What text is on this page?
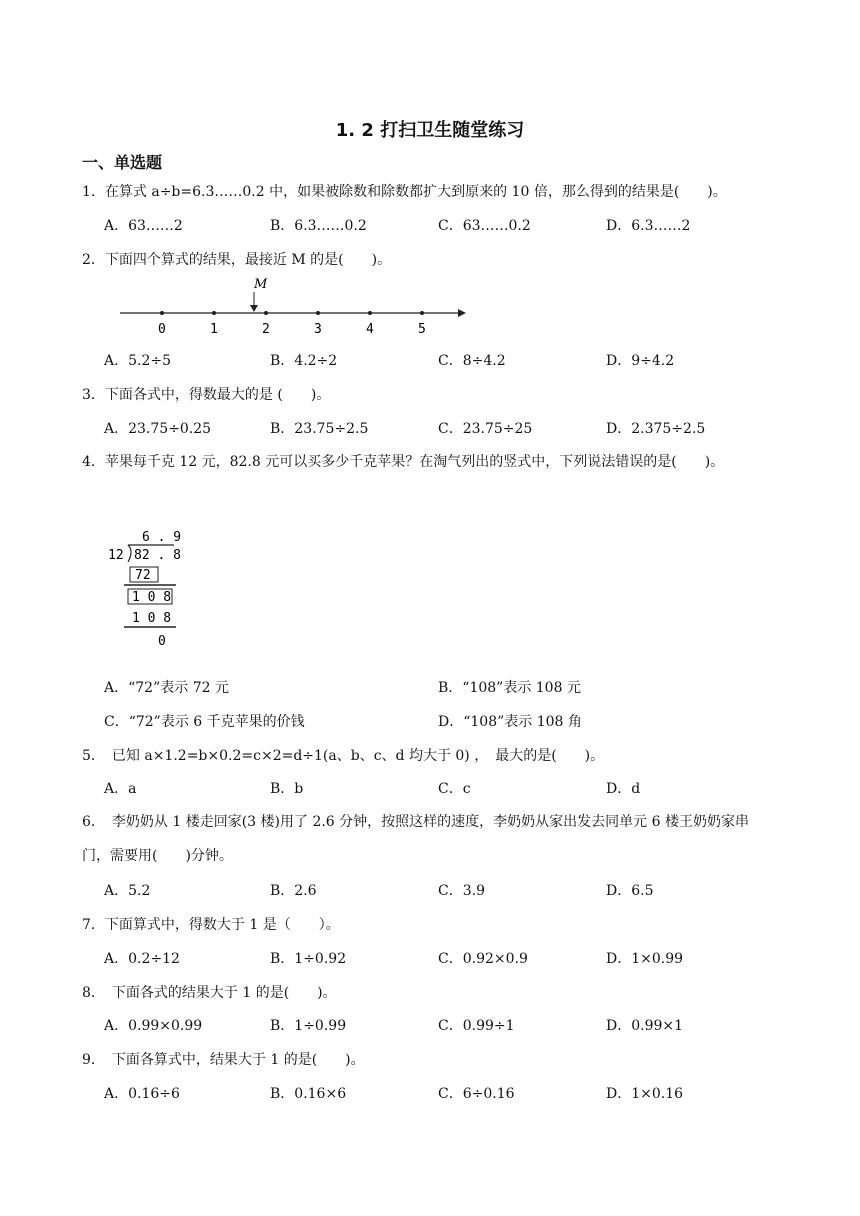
1. 2 打扫卫生随堂练习
一、单选题
1．在算式 a÷b=6.3……0.2 中，如果被除数和除数都扩大到原来的 10 倍，那么得到的结果是(　　)。
A．63……2	B．6.3……0.2	C．63……0.2	D．6.3……2
2．下面四个算式的结果，最接近 M 的是(　　)。
M
0	1	2	3	4	5
A．5.2÷5	B．4.2÷2	C．8÷4.2	D．9÷4.2
3．下面各式中，得数最大的是 (　　)。
A．23.75÷0.25	B．23.75÷2.5	C．23.75÷25	D．2.375÷2.5
4．苹果每千克 12 元，82.8 元可以买多少千克苹果？在淘气列出的竖式中，下列说法错误的是(　　)。
6 . 9
12 82 . 8
72
1 0 8
1 0 8
0
A．“72”表示 72 元	B．“108”表示 108 元
C．“72”表示 6 千克苹果的价钱	D．“108”表示 108 角
5．　已知 a×1.2=b×0.2=c×2=d÷1(a、b、c、d 均大于 0) ，　最大的是(　　)。
A．a	B．b	C．c	D．d
6．　李奶奶从 1 楼走回家(3 楼)用了 2.6 分钟，按照这样的速度，李奶奶从家出发去同单元 6 楼王奶奶家串门，需要用(　　)分钟。
A．5.2	B．2.6	C．3.9	D．6.5
7．下面算式中，得数大于 1 是（　　）。
A．0.2÷12	B．1÷0.92	C．0.92×0.9	D．1×0.99
8．　下面各式的结果大于 1 的是(　　)。
A．0.99×0.99	B．1÷0.99	C．0.99÷1	D．0.99×1
9．　下面各算式中，结果大于 1 的是(　　)。
A．0.16÷6	B．0.16×6	C．6÷0.16	D．1×0.16
